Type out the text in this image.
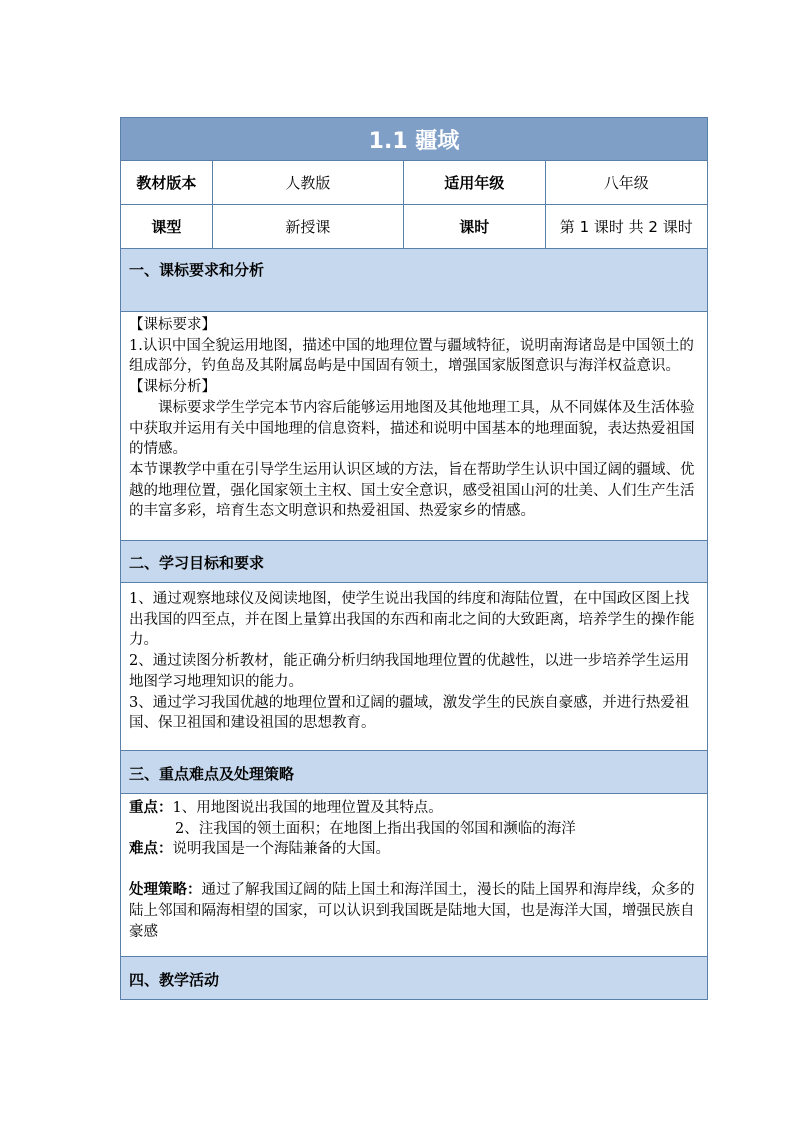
1.1 疆域
教材版本	人教版	适用年级	八年级
课型	新授课	课时	第 1 课时 共 2 课时
一、课标要求和分析

【课标要求】

1.认识中国全貌运用地图，描述中国的地理位置与疆域特征，说明南海诸岛是中国领土的组成部分，钓鱼岛及其附属岛屿是中国固有领土，增强国家版图意识与海洋权益意识。

【课标分析】

课标要求学生学完本节内容后能够运用地图及其他地理工具，从不同媒体及生活体验中获取并运用有关中国地理的信息资料，描述和说明中国基本的地理面貌，表达热爱祖国的情感。

本节课教学中重在引导学生运用认识区域的方法，旨在帮助学生认识中国辽阔的疆域、优越的地理位置，强化国家领土主权、国土安全意识，感受祖国山河的壮美、人们生产生活的丰富多彩，培育生态文明意识和热爱祖国、热爱家乡的情感。

二、学习目标和要求

1、通过观察地球仪及阅读地图，使学生说出我国的纬度和海陆位置，在中国政区图上找出我国的四至点，并在图上量算出我国的东西和南北之间的大致距离，培养学生的操作能力。

2、通过读图分析教材，能正确分析归纳我国地理位置的优越性，以进一步培养学生运用地图学习地理知识的能力。

3、通过学习我国优越的地理位置和辽阔的疆域，激发学生的民族自豪感，并进行热爱祖国、保卫祖国和建设祖国的思想教育。

三、重点难点及处理策略

重点：1、用地图说出我国的地理位置及其特点。

2、注我国的领土面积；在地图上指出我国的邻国和濒临的海洋

难点：说明我国是一个海陆兼备的大国。

处理策略：通过了解我国辽阔的陆上国土和海洋国土，漫长的陆上国界和海岸线，众多的陆上邻国和隔海相望的国家，可以认识到我国既是陆地大国，也是海洋大国，增强民族自豪感

四、教学活动
